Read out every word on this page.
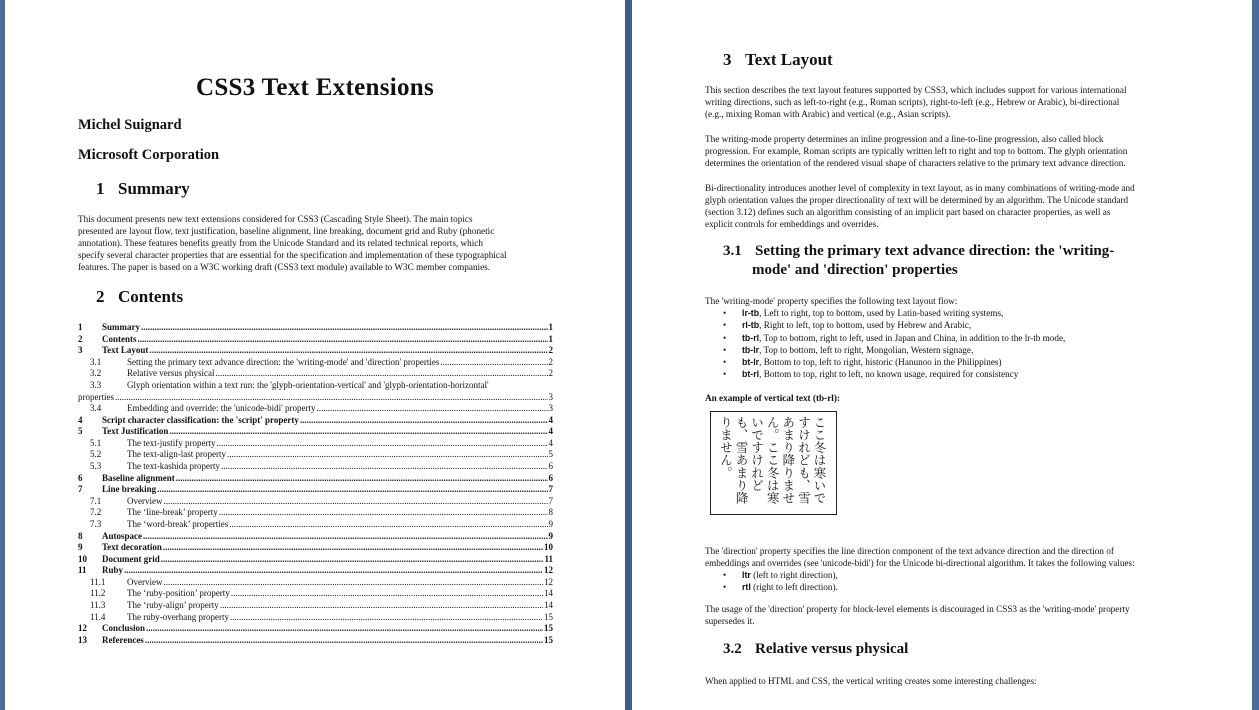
CSS3 Text Extensions
Michel Suignard
Microsoft Corporation
1 Summary
This document presents new text extensions considered for CSS3 (Cascading Style Sheet). The main topics
presented are layout flow, text justification, baseline alignment, line breaking, document grid and Ruby (phonetic
annotation). These features benefits greatly from the Unicode Standard and its related technical reports, which
specify several character properties that are essential for the specification and implementation of these typographical
features. The paper is based on a W3C working draft (CSS3 text module) available to W3C member companies.
2 Contents
1	Summary .....	1
2	Contents .....	1
3	Text Layout .....	2
3.1	Setting the primary text advance direction: the 'writing-mode' and 'direction' properties .....	2
3.2	Relative versus physical .....	2
3.3	Glyph orientation within a text run: the 'glyph-orientation-vertical' and 'glyph-orientation-horizontal'
properties .....	3
3.4	Embedding and override: the 'unicode-bidi' property .....	3
4	Script character classification: the 'script' property .....	4
5	Text Justification .....	4
5.1	The text-justify property .....	4
5.2	The text-align-last property .....	5
5.3	The text-kashida property .....	6
6	Baseline alignment .....	6
7	Line breaking .....	7
7.1	Overview .....	7
7.2	The ‘line-break’ property .....	8
7.3	The ‘word-break’ properties .....	9
8	Autospace .....	9
9	Text decoration .....	10
10	Document grid .....	11
11	Ruby .....	12
11.1	Overview .....	12
11.2	The ‘ruby-position’ property .....	14
11.3	The ‘ruby-align’ property .....	14
11.4	The ruby-overhang property .....	15
12	Conclusion .....	15
13	References .....	15
3 Text Layout
This section describes the text layout features supported by CSS3, which includes support for various international
writing directions, such as left-to-right (e.g., Roman scripts), right-to-left (e.g., Hebrew or Arabic), bi-directional
(e.g., mixing Roman with Arabic) and vertical (e.g., Asian scripts).
The writing-mode property determines an inline progression and a line-to-line progression, also called block
progression. For example, Roman scripts are typically written left to right and top to bottom. The glyph orientation
determines the orientation of the rendered visual shape of characters relative to the primary text advance direction.
Bi-directionality introduces another level of complexity in text layout, as in many combinations of writing-mode and
glyph orientation values the proper directionality of text will be determined by an algorithm. The Unicode standard
(section 3.12) defines such an algorithm consisting of an implicit part based on character properties, as well as
explicit controls for embeddings and overrides.
3.1 Setting the primary text advance direction: the 'writing-
mode' and 'direction' properties
The 'writing-mode' property specifies the following text layout flow:
• lr-tb, Left to right, top to bottom, used by Latin-based writing systems,
• rl-tb, Right to left, top to bottom, used by Hebrew and Arabic,
• tb-rl, Top to bottom, right to left, used in Japan and China, in addition to the lr-tb mode,
• tb-lr, Top to bottom, left to right, Mongolian, Western signage,
• bt-lr, Bottom to top, left to right, historic (Hanunoo in the Philippines)
• bt-rl, Bottom to top, right to left, no known usage, required for consistency
An example of vertical text (tb-rl):
ここ冬は寒いで
すけれども、雪
あまり降りませ
ん。ここ冬は寒
いですけれど
も、雪あまり降
りません。
The 'direction' property specifies the line direction component of the text advance direction and the direction of
embeddings and overrides (see 'unicode-bidi') for the Unicode bi-directional algorithm. It takes the following values:
• ltr (left to right direction),
• rtl (right to left direction).
The usage of the 'direction' property for block-level elements is discouraged in CSS3 as the 'writing-mode' property
supersedes it.
3.2 Relative versus physical
When applied to HTML and CSS, the vertical writing creates some interesting challenges:
